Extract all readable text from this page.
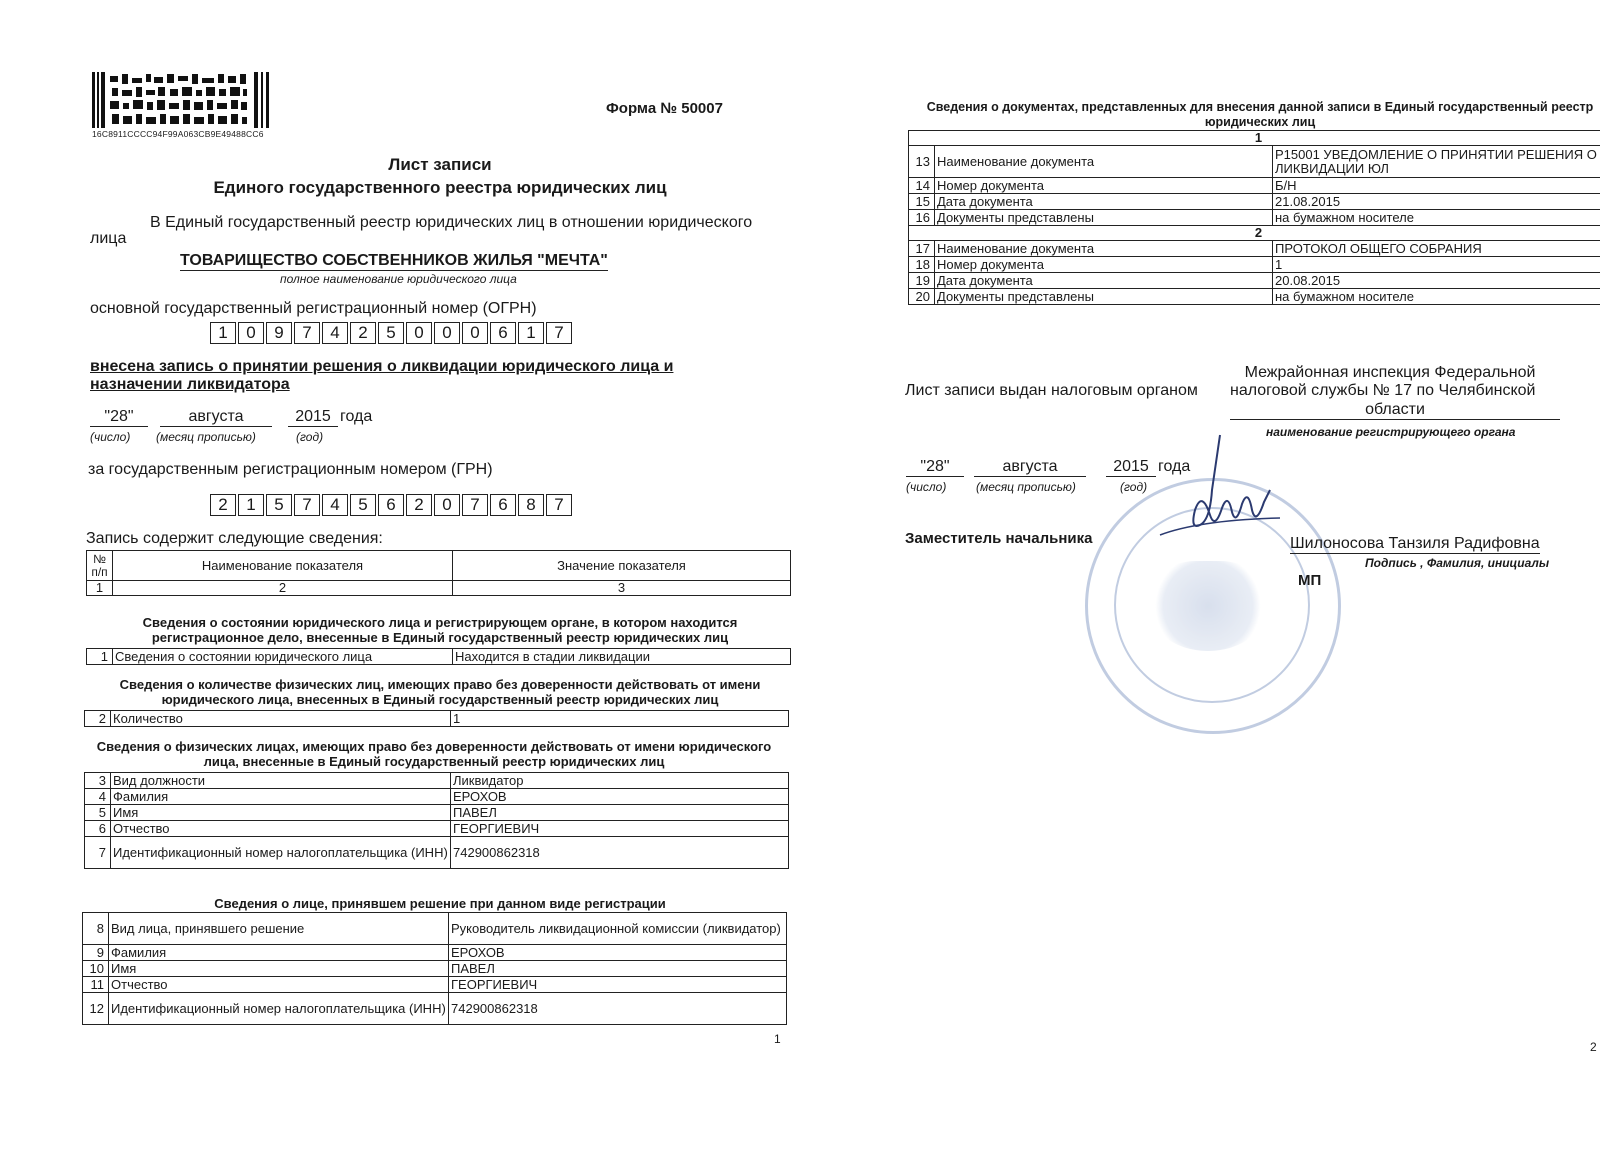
16C8911CCCC94F99A063CB9E49488CC6
Форма № 50007
Лист записи
Единого государственного реестра юридических лиц
В Единый государственный реестр юридических лиц в отношении юридического
лица
ТОВАРИЩЕСТВО СОБСТВЕННИКОВ ЖИЛЬЯ "МЕЧТА"
полное наименование юридического лица
основной государственный регистрационный номер (ОГРН)
1	0	9	7	4	2	5	0	0	0	6	1	7
внесена запись о принятии решения о ликвидации юридического лица и
назначении ликвидатора
"28"	августа	2015 года
(число) (месяц прописью)	(год)
за государственным регистрационным номером (ГРН)
2	1	5	7	4	5	6	2	0	7	6	8	7
Запись содержит следующие сведения:
№ п/п	Наименование показателя	Значение показателя
1	2	3
Сведения о состоянии юридического лица и регистрирующем органе, в котором находится регистрационное дело, внесенные в Единый государственный реестр юридических лиц
1	Сведения о состоянии юридического лица	Находится в стадии ликвидации
Сведения о количестве физических лиц, имеющих право без доверенности действовать от имени юридического лица, внесенных в Единый государственный реестр юридических лиц
2	Количество	1
Сведения о физических лицах, имеющих право без доверенности действовать от имени юридического лица, внесенные в Единый государственный реестр юридических лиц
3	Вид должности	Ликвидатор
4	Фамилия	ЕРОХОВ
5	Имя	ПАВЕЛ
6	Отчество	ГЕОРГИЕВИЧ
7	Идентификационный номер налогоплательщика (ИНН)	742900862318
Сведения о лице, принявшем решение при данном виде регистрации
8	Вид лица, принявшего решение	Руководитель ликвидационной комиссии (ликвидатор)
9	Фамилия	ЕРОХОВ
10	Имя	ПАВЕЛ
11	Отчество	ГЕОРГИЕВИЧ
12	Идентификационный номер налогоплательщика (ИНН)	742900862318
1
Сведения о документах, представленных для внесения данной записи в Единый государственный реестр юридических лиц
1		
13	Наименование документа	Р15001 УВЕДОМЛЕНИЕ О ПРИНЯТИИ РЕШЕНИЯ О ЛИКВИДАЦИИ ЮЛ
14	Номер документа	Б/Н
15	Дата документа	21.08.2015
16	Документы представлены	на бумажном носителе
2		
17	Наименование документа	ПРОТОКОЛ ОБЩЕГО СОБРАНИЯ
18	Номер документа	1
19	Дата документа	20.08.2015
20	Документы представлены	на бумажном носителе
Межрайонная инспекция Федеральной
Лист записи выдан налоговым органом налоговой службы № 17 по Челябинской
области
наименование регистрирующего органа
"28"	августа	2015 года
(число) (месяц прописью)	(год)
Заместитель начальника	Шилоносова Танзиля Радифовна
Подпись , Фамилия, инициалы
МП
2
